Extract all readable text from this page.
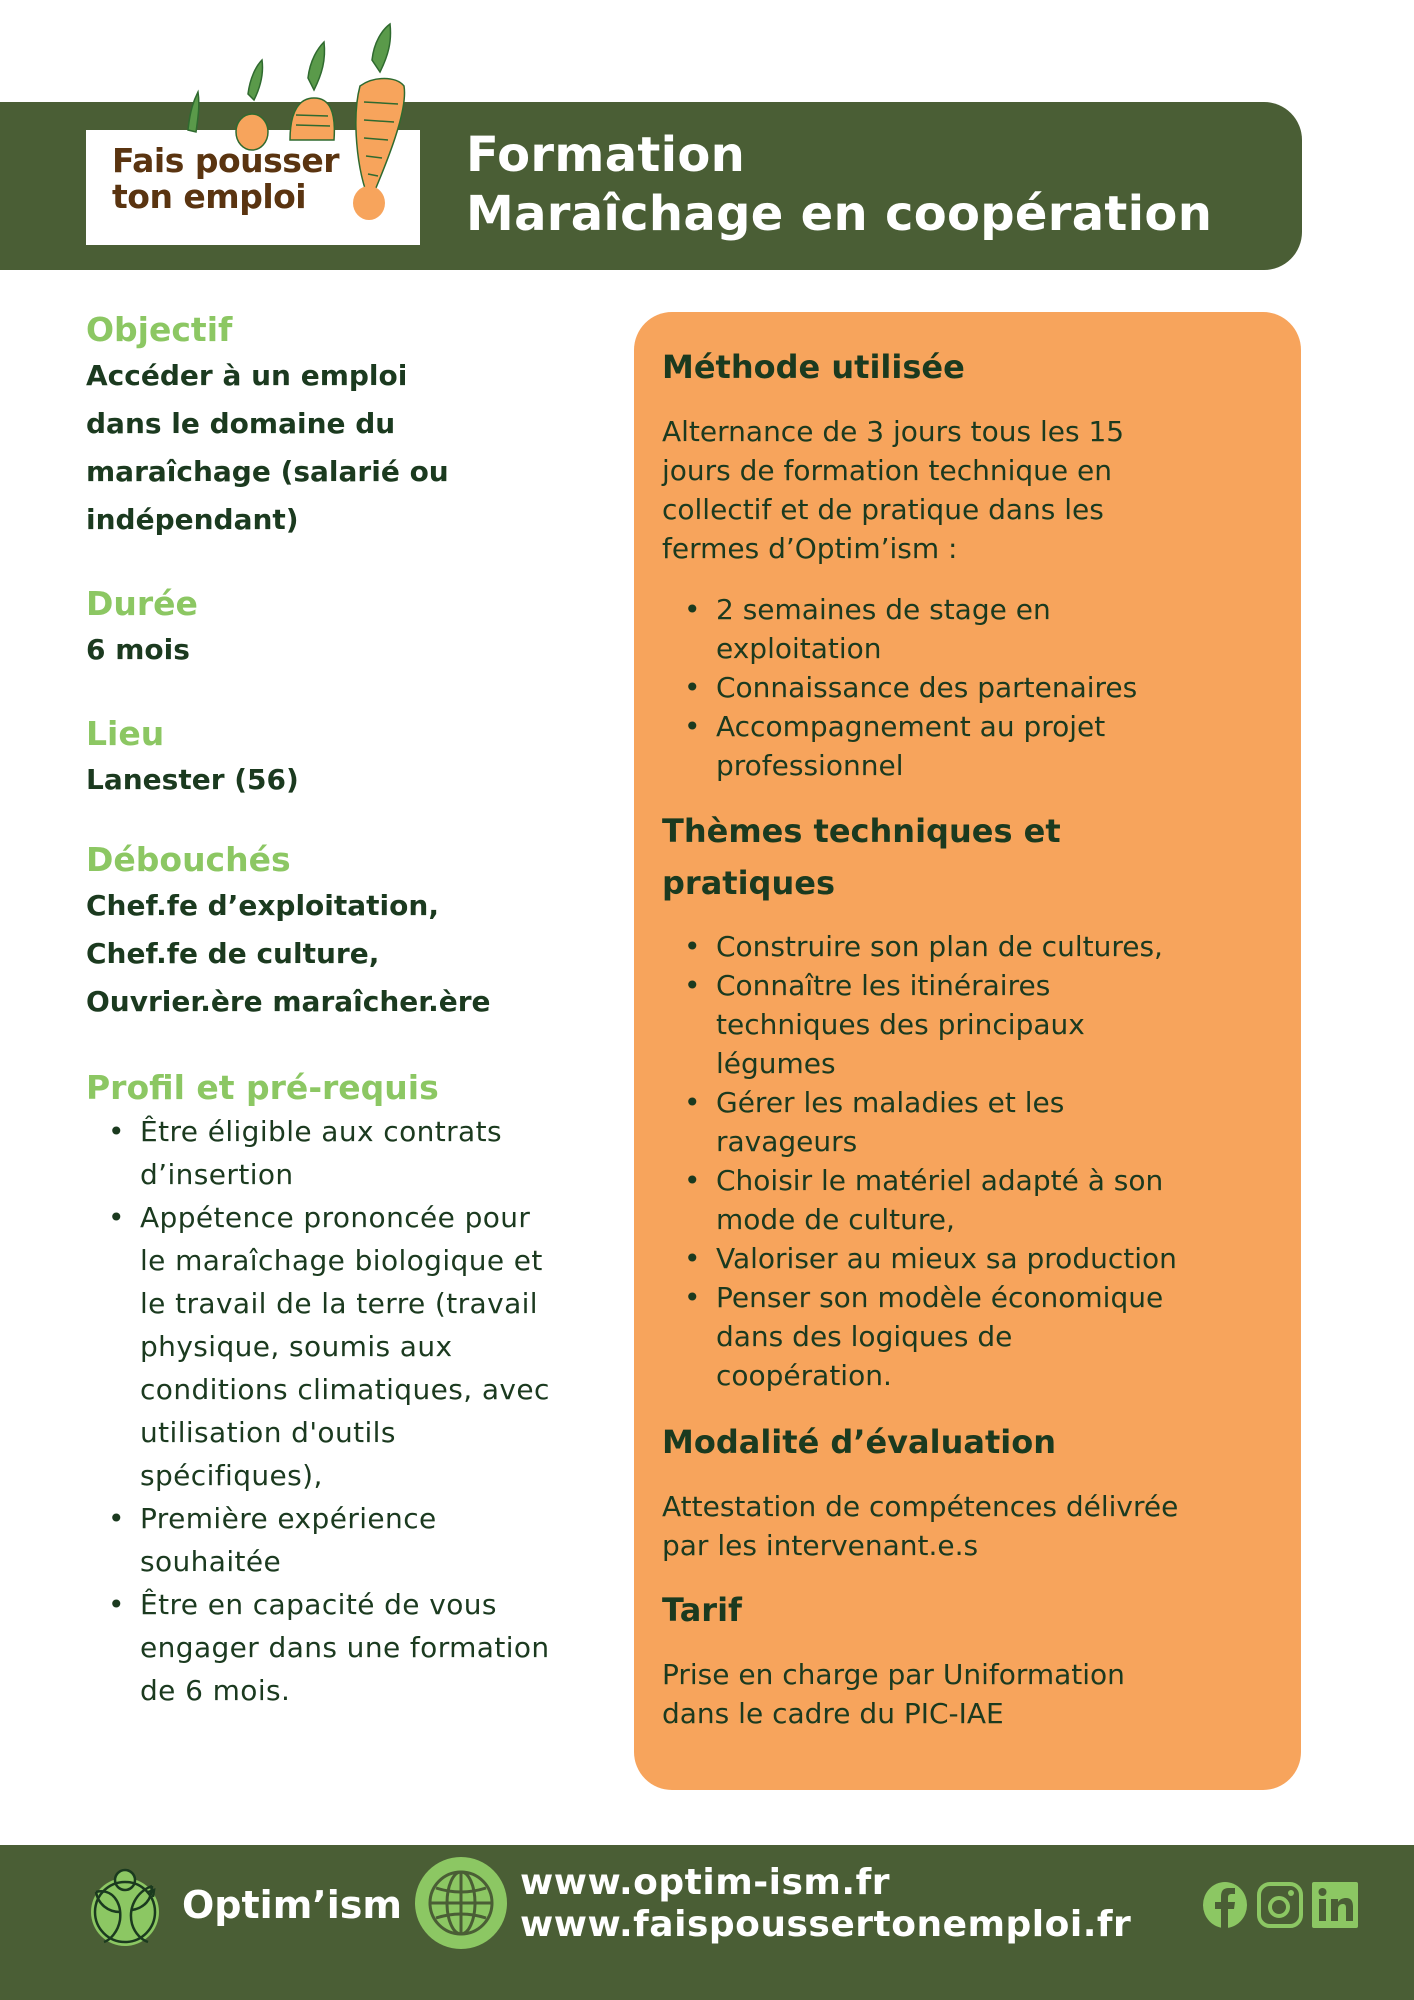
Fais pousser
ton emploi
Formation
Maraîchage en coopération
Objectif

Accéder à un emploi

dans le domaine du

maraîchage (salarié ou

indépendant)

Durée

6 mois

Lieu

Lanester (56)

Débouchés

Chef.fe d’exploitation,

Chef.fe de culture,

Ouvrier.ère maraîcher.ère

Profil et pré-requis
• Être éligible aux contrats
d’insertion
• Appétence prononcée pour
le maraîchage biologique et
le travail de la terre (travail
physique, soumis aux
conditions climatiques, avec
utilisation d'outils
spécifiques),
• Première expérience
souhaitée
• Être en capacité de vous
engager dans une formation
de 6 mois.
Méthode utilisée

Alternance de 3 jours tous les 15

jours de formation technique en

collectif et de pratique dans les

fermes d’Optim’ism :

• 2 semaines de stage en
exploitation
• Connaissance des partenaires
• Accompagnement au projet
professionnel
Thèmes techniques et
pratiques
• Construire son plan de cultures,
• Connaître les itinéraires
techniques des principaux
légumes
• Gérer les maladies et les
ravageurs
• Choisir le matériel adapté à son
mode de culture,
• Valoriser au mieux sa production
• Penser son modèle économique
dans des logiques de
coopération.
Modalité d’évaluation

Attestation de compétences délivrée

par les intervenant.e.s

Tarif

Prise en charge par Uniformation

dans le cadre du PIC-IAE

Optim’ism
www.optim-ism.fr
www.faispoussertonemploi.fr
